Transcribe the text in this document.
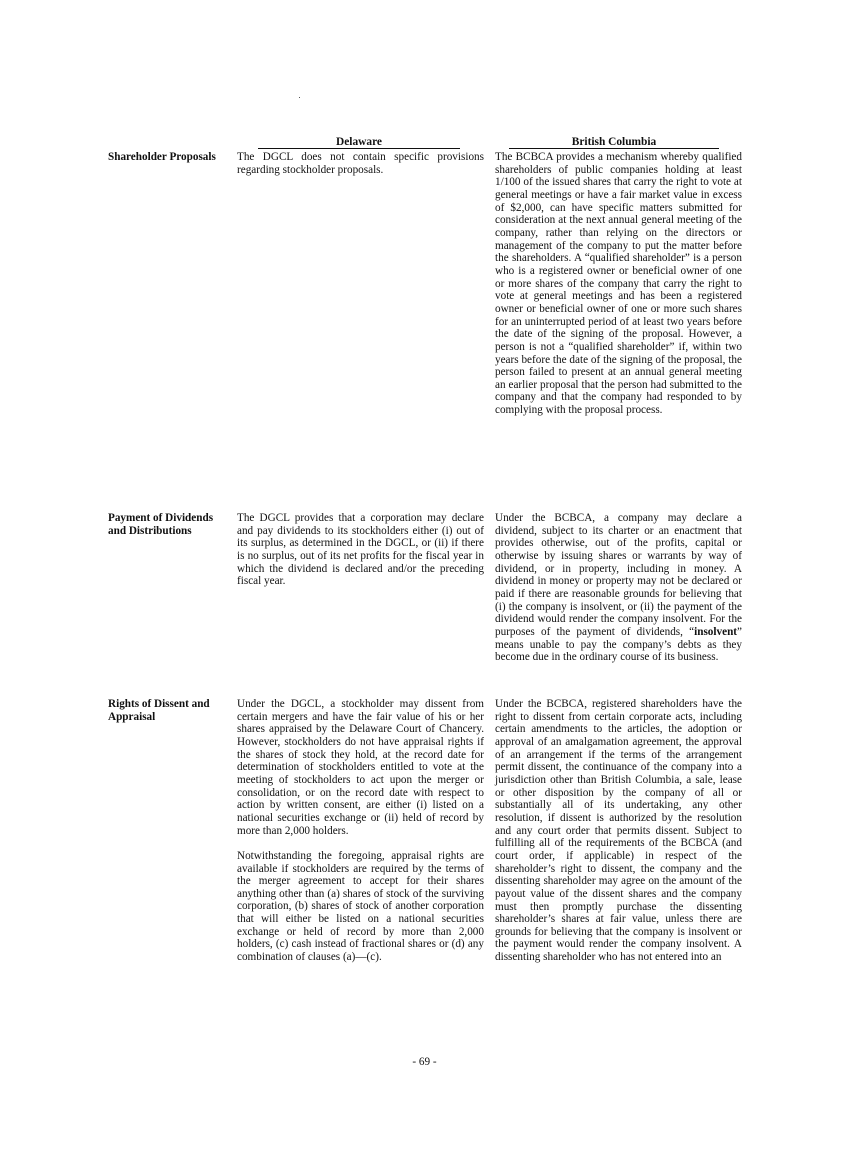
Delaware	British Columbia
Shareholder Proposals	The DGCL does not contain specific provisions regarding stockholder proposals.

The BCBCA provides a mechanism whereby qualified shareholders of public companies holding at least 1/100 of the issued shares that carry the right to vote at general meetings or have a fair market value in excess of $2,000, can have specific matters submitted for consideration at the next annual general meeting of the company, rather than relying on the directors or management of the company to put the matter before the shareholders. A “qualified shareholder” is a person who is a registered owner or beneficial owner of one or more shares of the company that carry the right to vote at general meetings and has been a registered owner or beneficial owner of one or more such shares for an uninterrupted period of at least two years before the date of the signing of the proposal. However, a person is not a “qualified shareholder” if, within two years before the date of the signing of the proposal, the person failed to present at an annual general meeting an earlier proposal that the person had submitted to the company and that the company had responded to by complying with the proposal process.

Payment of Dividends and Distributions

The DGCL provides that a corporation may declare and pay dividends to its stockholders either (i) out of its surplus, as determined in the DGCL, or (ii) if there is no surplus, out of its net profits for the fiscal year in which the dividend is declared and/or the preceding fiscal year.

Under the BCBCA, a company may declare a dividend, subject to its charter or an enactment that provides otherwise, out of the profits, capital or otherwise by issuing shares or warrants by way of dividend, or in property, including in money. A dividend in money or property may not be declared or paid if there are reasonable grounds for believing that (i) the company is insolvent, or (ii) the payment of the dividend would render the company insolvent. For the purposes of the payment of dividends, “insolvent” means unable to pay the company’s debts as they become due in the ordinary course of its business.

Rights of Dissent and Appraisal

Under the DGCL, a stockholder may dissent from certain mergers and have the fair value of his or her shares appraised by the Delaware Court of Chancery. However, stockholders do not have appraisal rights if the shares of stock they hold, at the record date for determination of stockholders entitled to vote at the meeting of stockholders to act upon the merger or consolidation, or on the record date with respect to action by written consent, are either (i) listed on a national securities exchange or (ii) held of record by more than 2,000 holders.

Notwithstanding the foregoing, appraisal rights are available if stockholders are required by the terms of the merger agreement to accept for their shares anything other than (a) shares of stock of the surviving corporation, (b) shares of stock of another corporation that will either be listed on a national securities exchange or held of record by more than 2,000 holders, (c) cash instead of fractional shares or (d) any combination of clauses (a)—(c).

Under the BCBCA, registered shareholders have the right to dissent from certain corporate acts, including certain amendments to the articles, the adoption or approval of an amalgamation agreement, the approval of an arrangement if the terms of the arrangement permit dissent, the continuance of the company into a jurisdiction other than British Columbia, a sale, lease or other disposition by the company of all or substantially all of its undertaking, any other resolution, if dissent is authorized by the resolution and any court order that permits dissent. Subject to fulfilling all of the requirements of the BCBCA (and court order, if applicable) in respect of the shareholder’s right to dissent, the company and the dissenting shareholder may agree on the amount of the payout value of the dissent shares and the company must then promptly purchase the dissenting shareholder’s shares at fair value, unless there are grounds for believing that the company is insolvent or the payment would render the company insolvent. A dissenting shareholder who has not entered into an

- 69 -
